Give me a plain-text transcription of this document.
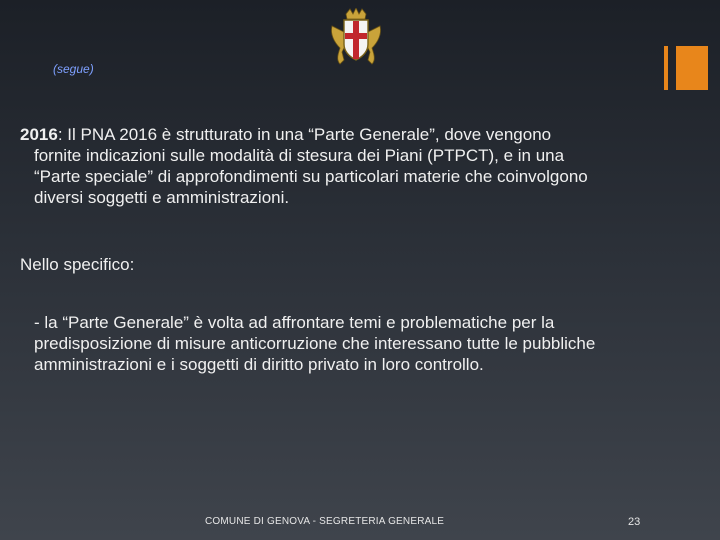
(segue)

2016: Il PNA 2016 è strutturato in una “Parte Generale”, dove vengono
fornite indicazioni sulle modalità di stesura dei Piani (PTPCT), e in una
“Parte speciale” di approfondimenti su particolari materie che coinvolgono
diversi soggetti e amministrazioni.

Nello specifico:

- la “Parte Generale” è volta ad affrontare temi e problematiche per la
predisposizione di misure anticorruzione che interessano tutte le pubbliche
amministrazioni e i soggetti di diritto privato in loro controllo.

COMUNE DI GENOVA - SEGRETERIA GENERALE	23
